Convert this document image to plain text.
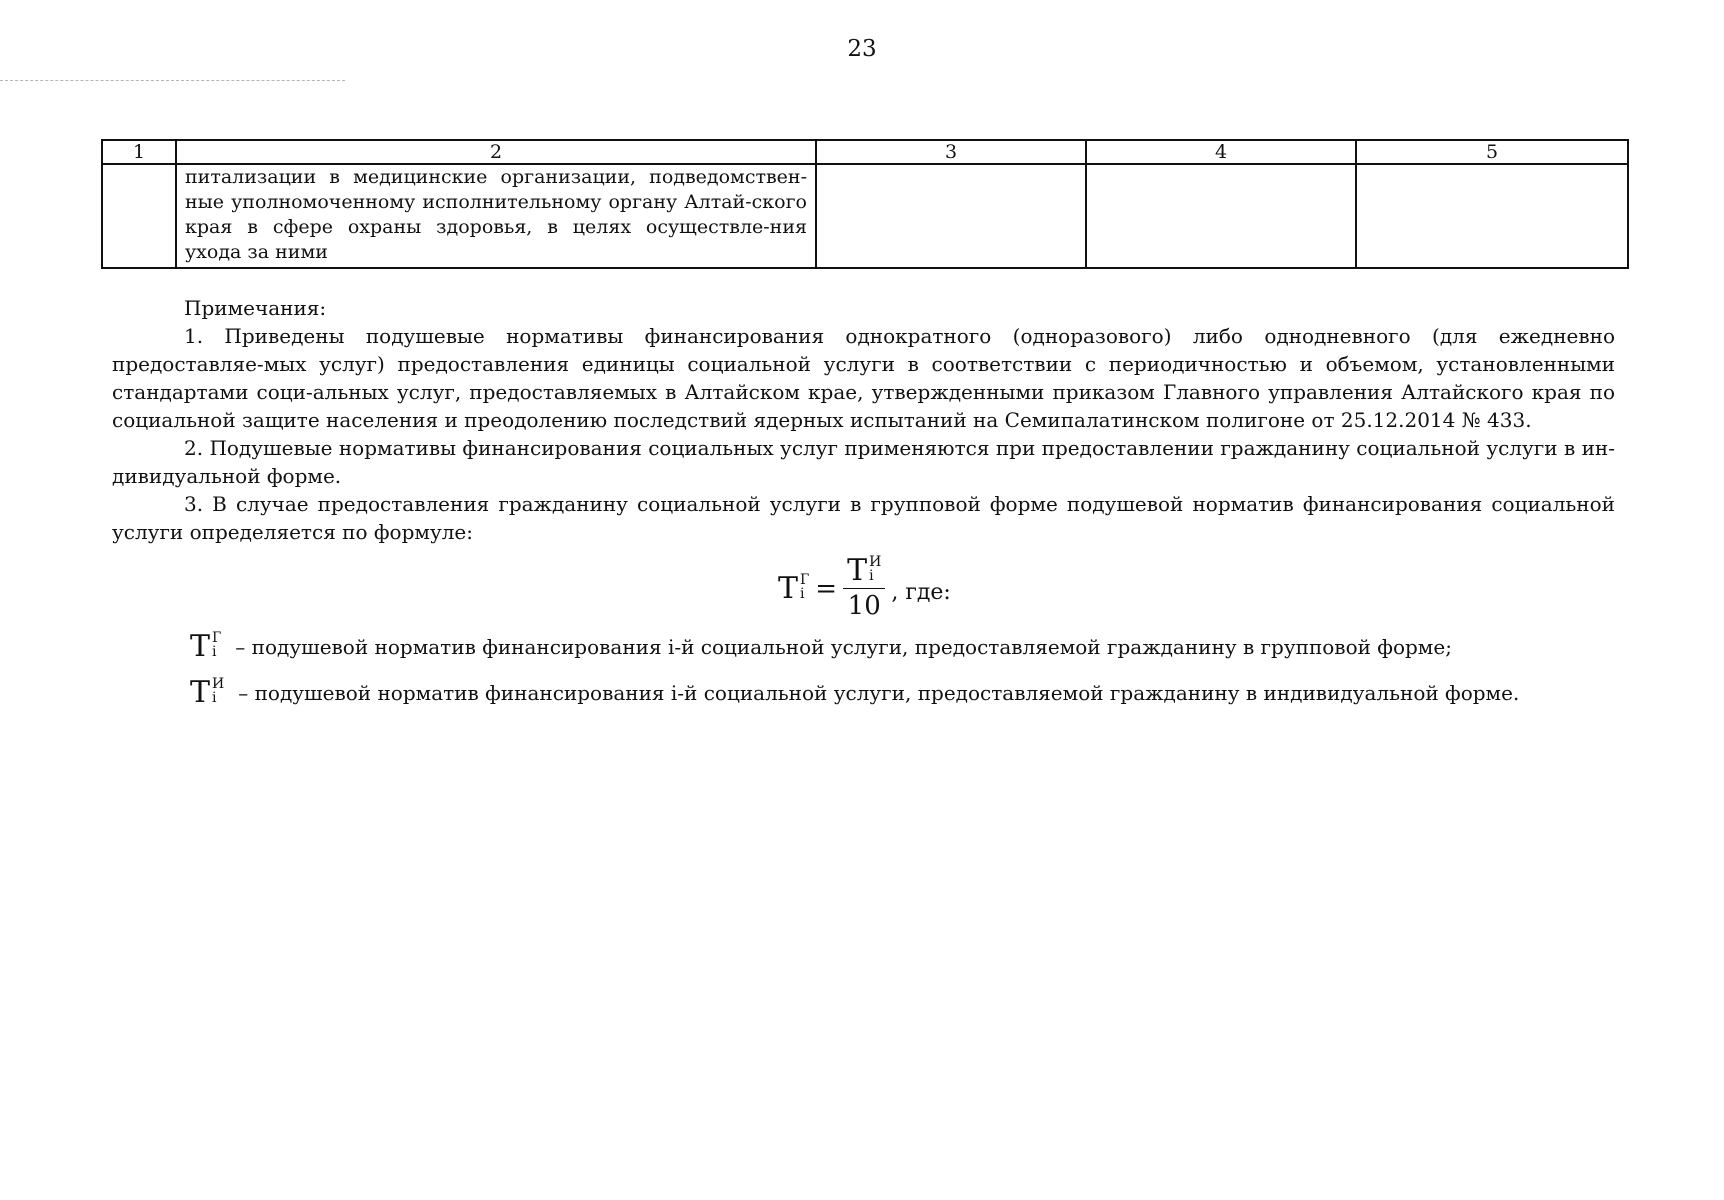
23
1	2	3	4	5
	питализации в медицинские организации, подведомствен-ные уполномоченному исполнительному органу Алтай-ского края в сфере охраны здоровья, в целях осуществле-ния ухода за ними			

Примечания:

1. Приведены подушевые нормативы финансирования однократного (одноразового) либо однодневного (для ежедневно предоставляе-мых услуг) предоставления единицы социальной услуги в соответствии с периодичностью и объемом, установленными стандартами соци-альных услуг, предоставляемых в Алтайском крае, утвержденными приказом Главного управления Алтайского края по социальной защите населения и преодолению последствий ядерных испытаний на Семипалатинском полигоне от 25.12.2014 № 433.

2. Подушевые нормативы финансирования социальных услуг применяются при предоставлении гражданину социальной услуги в ин-дивидуальной форме.

3. В случае предоставления гражданину социальной услуги в групповой форме подушевой норматив финансирования социальной услуги определяется по формуле:

Т Г
i = Т И
i
10 , где:
Т Г
i – подушевой норматив финансирования i-й социальной услуги, предоставляемой гражданину в групповой форме;
Т И
i	– подушевой норматив финансирования i-й социальной услуги, предоставляемой гражданину в индивидуальной форме.
